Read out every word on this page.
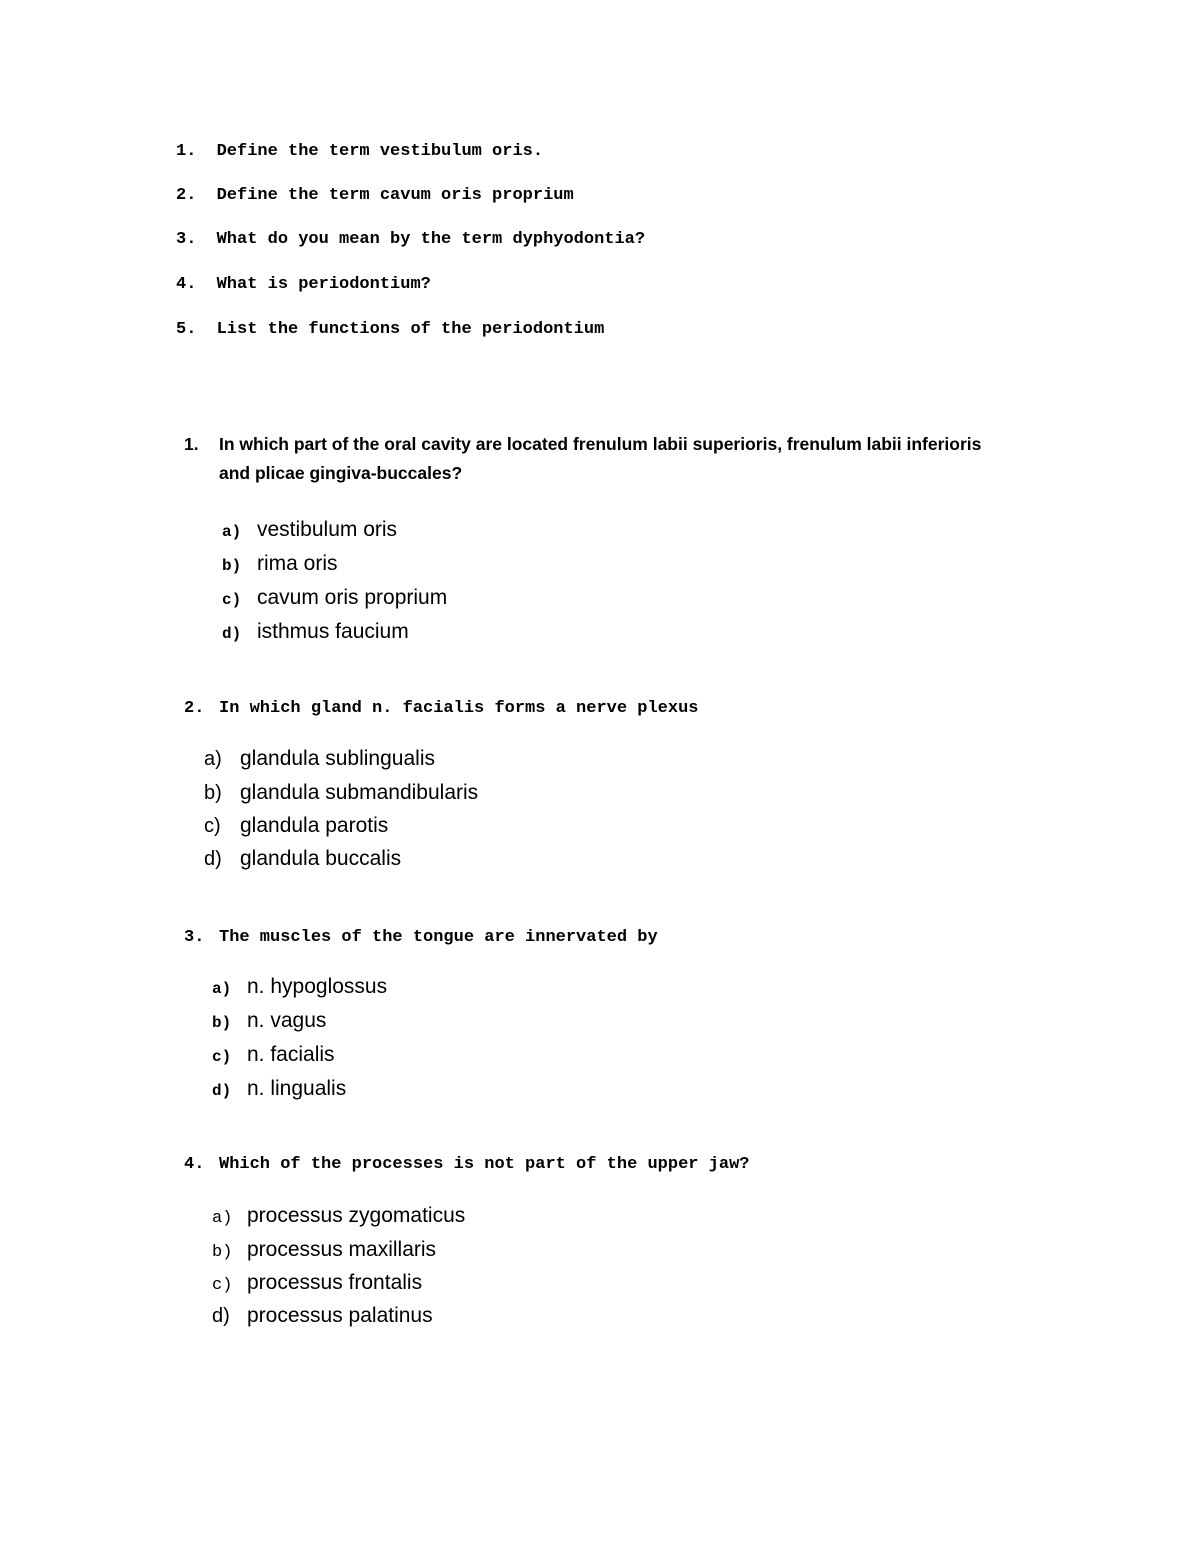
1. Define the term vestibulum oris.
2. Define the term cavum oris proprium
3. What do you mean by the term dyphyodontia?
4. What is periodontium?
5. List the functions of the periodontium
1. In which part of the oral cavity are located frenulum labii superioris, frenulum labii inferioris
and plicae gingiva-buccales?
a) vestibulum oris
b) rima oris
c) cavum oris proprium
d) isthmus faucium
2. In which gland n. facialis forms a nerve plexus
a) glandula sublingualis
b) glandula submandibularis
c) glandula parotis
d) glandula buccalis
3. The muscles of the tongue are innervated by
a) n. hypoglossus
b) n. vagus
c) n. facialis
d) n. lingualis
4. Which of the processes is not part of the upper jaw?
a) processus zygomaticus
b) processus maxillaris
c) processus frontalis
d) processus palatinus
